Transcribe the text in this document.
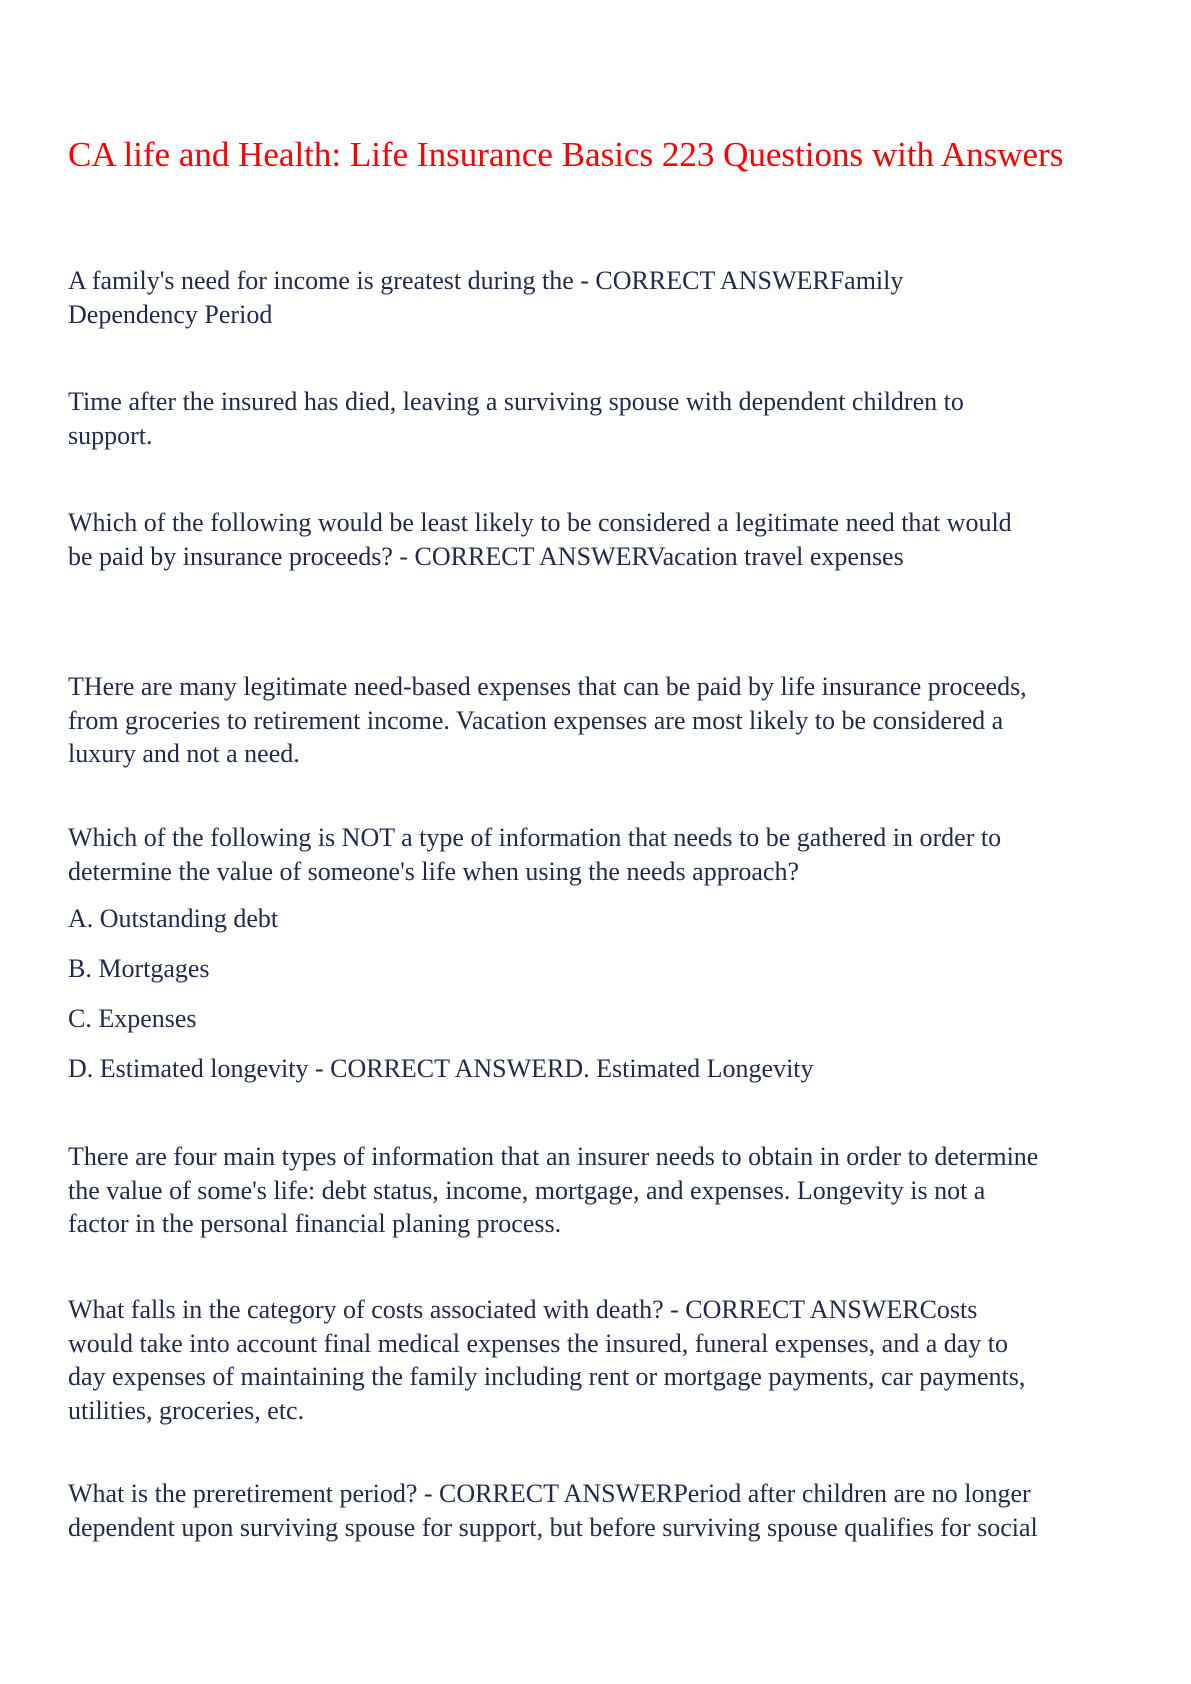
CA life and Health: Life Insurance Basics 223 Questions with Answers
A family's need for income is greatest during the - CORRECT ANSWERFamily
Dependency Period
Time after the insured has died, leaving a surviving spouse with dependent children to
support.
Which of the following would be least likely to be considered a legitimate need that would
be paid by insurance proceeds? - CORRECT ANSWERVacation travel expenses
THere are many legitimate need-based expenses that can be paid by life insurance proceeds,
from groceries to retirement income. Vacation expenses are most likely to be considered a
luxury and not a need.
Which of the following is NOT a type of information that needs to be gathered in order to
determine the value of someone's life when using the needs approach?
A. Outstanding debt
B. Mortgages
C. Expenses
D. Estimated longevity - CORRECT ANSWERD. Estimated Longevity
There are four main types of information that an insurer needs to obtain in order to determine
the value of some's life: debt status, income, mortgage, and expenses. Longevity is not a
factor in the personal financial planing process.
What falls in the category of costs associated with death? - CORRECT ANSWERCosts
would take into account final medical expenses the insured, funeral expenses, and a day to
day expenses of maintaining the family including rent or mortgage payments, car payments,
utilities, groceries, etc.
What is the preretirement period? - CORRECT ANSWERPeriod after children are no longer
dependent upon surviving spouse for support, but before surviving spouse qualifies for social
